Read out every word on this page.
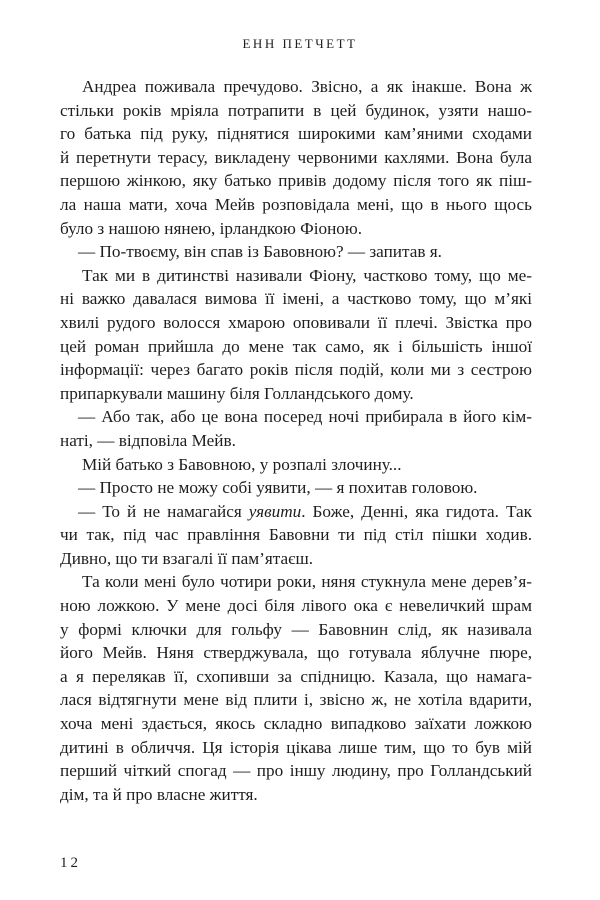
ЕНН ПЕТЧЕТТ
Андреа поживала пречудово. Звісно, а як інакше. Вона ж
стільки років мріяла потрапити в цей будинок, узяти нашо-
го батька під руку, піднятися широкими кам’яними сходами
й перетнути терасу, викладену червоними кахлями. Вона була
першою жінкою, яку батько привів додому після того як піш-
ла наша мати, хоча Мейв розповідала мені, що в нього щось
було з нашою нянею, ірландкою Фіоною.
— По-твоєму, він спав із Бавовною? — запитав я.
Так ми в дитинстві називали Фіону, частково тому, що ме-
ні важко давалася вимова її імені, а частково тому, що м’які
хвилі рудого волосся хмарою оповивали її плечі. Звістка про
цей роман прийшла до мене так само, як і більшість іншої
інформації: через багато років після подій, коли ми з сестрою
припаркували машину біля Голландського дому.
— Або так, або це вона посеред ночі прибирала в його кім-
наті, — відповіла Мейв.
Мій батько з Бавовною, у розпалі злочину...
— Просто не можу собі уявити, — я похитав головою.
— То й не намагайся уявити. Боже, Денні, яка гидота. Так
чи так, під час правління Бавовни ти під стіл пішки ходив.
Дивно, що ти взагалі її пам’ятаєш.
Та коли мені було чотири роки, няня стукнула мене дерев’я-
ною ложкою. У мене досі біля лівого ока є невеличкий шрам
у формі ключки для гольфу — Бавовнин слід, як називала
його Мейв. Няня стверджувала, що готувала яблучне пюре,
а я перелякав її, схопивши за спідницю. Казала, що намага-
лася відтягнути мене від плити і, звісно ж, не хотіла вдарити,
хоча мені здається, якось складно випадково заїхати ложкою
дитині в обличчя. Ця історія цікава лише тим, що то був мій
перший чіткий спогад — про іншу людину, про Голландський
дім, та й про власне життя.
12
